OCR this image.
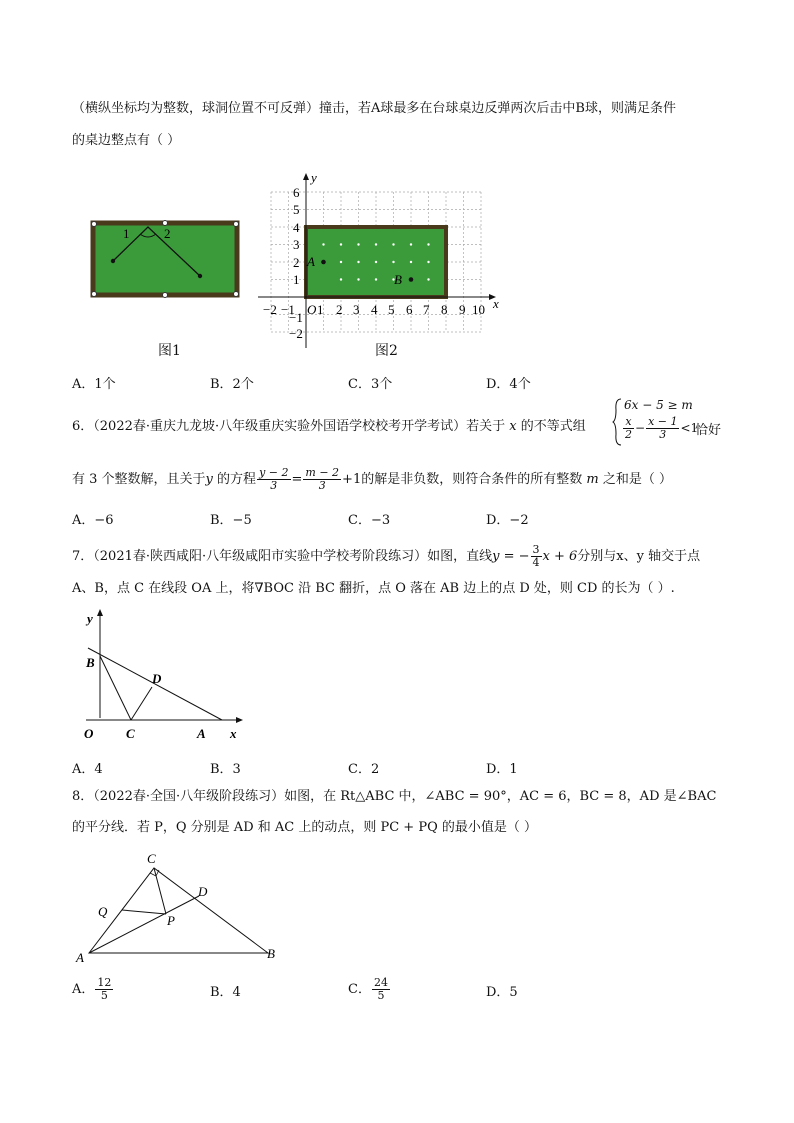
（横纵坐标均为整数，球洞位置不可反弹）撞击，若A球最多在台球桌边反弹两次后击中B球，则满足条件
的桌边整点有（ ）
1	2
图1
A
B
x
y
O
−2 −1 1 2 3 4 5 6 7 8 9 10
6
5
4
3
2
1
−1
−2
图2
A．1个	B．2个	C．3个	D．4个
6．（2022春·重庆九龙坡·八年级重庆实验外国语学校校考开学考试）若关于 x 的不等式组
6x − 5 ≥ m
$\frac{x}{2} - \frac{x - 1}{3} <1$
恰好
有 3 个整数解，且关于y 的方程 $\frac{y - 2}{3} = \frac{m - 2}{3} +1$的解是非负数，则符合条件的所有整数 m 之和是（ ）
A．−6	B．−5	C．−3	D．−2
7．（2021春·陕西咸阳·八年级咸阳市实验中学校考阶段练习）如图，直线y = − $\frac{3}{4}$ x + 6分别与x、y 轴交于点
A、B，点 C 在线段 OA 上，将∇BOC 沿 BC 翻折，点 O 落在 AB 边上的点 D 处，则 CD 的长为（ ）.
y
x
B
D
O	C	A
A．4	B．3	C．2	D．1
8．（2022春·全国·八年级阶段练习）如图，在 Rt△ABC 中，∠ABC = 90°，AC = 6，BC = 8，AD 是∠BAC
的平分线．若 P，Q 分别是 AD 和 AC 上的动点，则 PC + PQ 的最小值是（ ）
C
D
Q
P
A	B
A． $\frac{12}{5}$	B．4	C． $\frac{24}{5}$	D．5
